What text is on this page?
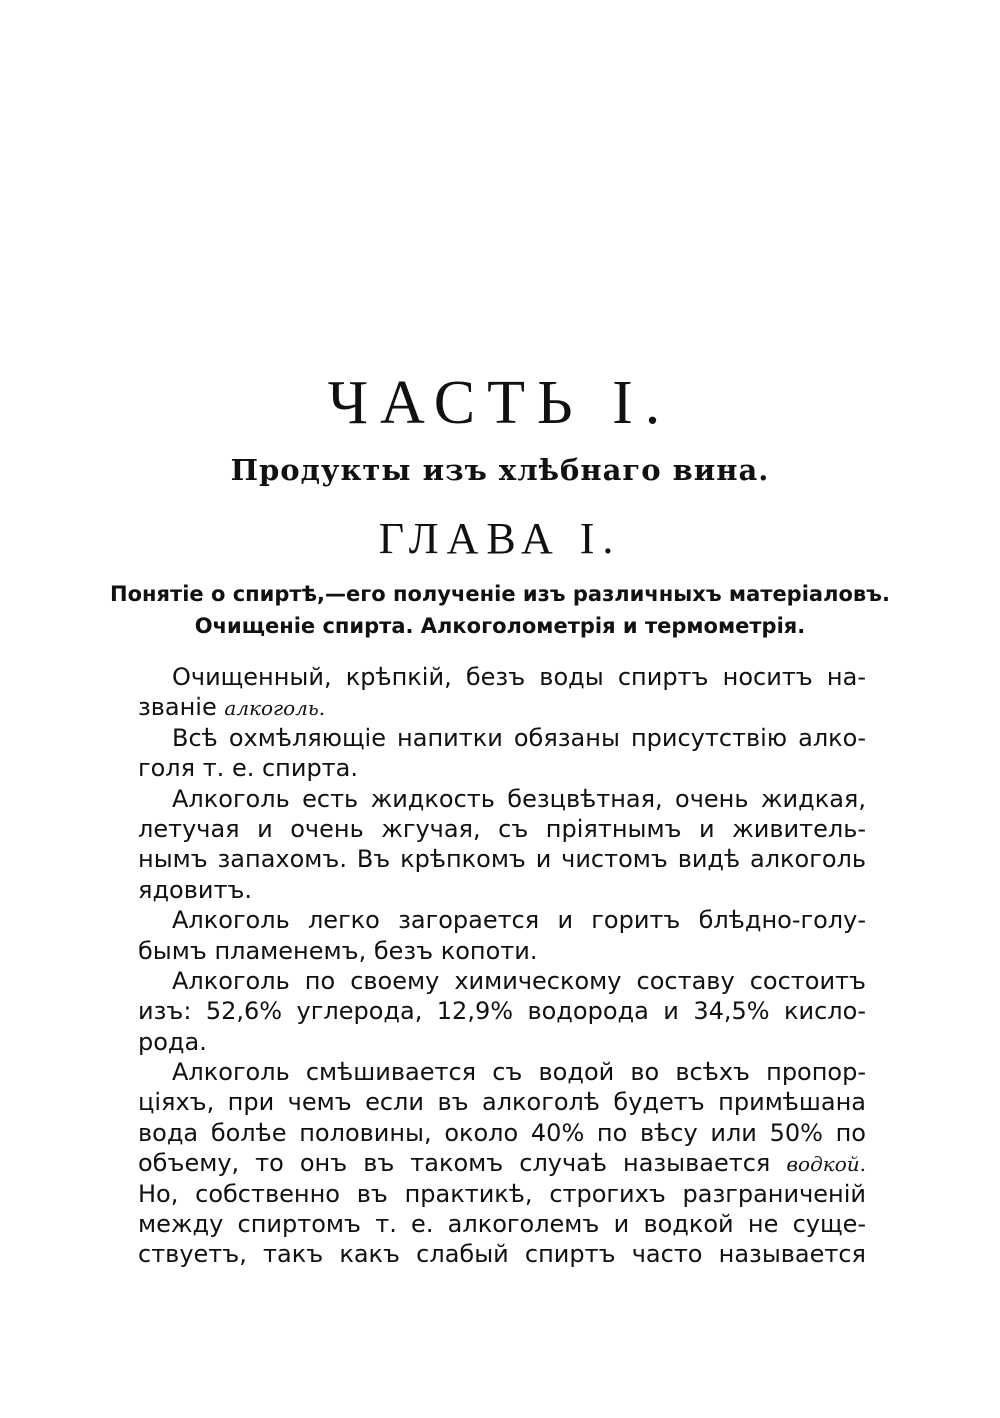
ЧАСТЬ I.
Продукты изъ хлѣбнаго вина.
ГЛАВА I.
Понятіе о спиртѣ,—его полученіе изъ различныхъ матеріаловъ.
Очищеніе спирта. Алкоголометрія и термометрія.
Очищенный, крѣпкій, безъ воды спиртъ носитъ на-
званіе алкоголь.
Всѣ охмѣляющіе напитки обязаны присутствію алко-
голя т. е. спирта.
Алкоголь есть жидкость безцвѣтная, очень жидкая,
летучая и очень жгучая, съ пріятнымъ и живитель-
нымъ запахомъ. Въ крѣпкомъ и чистомъ видѣ алкоголь
ядовитъ.
Алкоголь легко загорается и горитъ блѣдно-голу-
бымъ пламенемъ, безъ копоти.
Алкоголь по своему химическому составу состоитъ
изъ: 52,6% углерода, 12,9% водорода и 34,5% кисло-
рода.
Алкоголь смѣшивается съ водой во всѣхъ пропор-
ціяхъ, при чемъ если въ алкоголѣ будетъ примѣшана
вода болѣе половины, около 40% по вѣсу или 50% по
объему, то онъ въ такомъ случаѣ называется водкой.
Но, собственно въ практикѣ, строгихъ разграниченій
между спиртомъ т. е. алкоголемъ и водкой не суще-
ствуетъ, такъ какъ слабый спиртъ часто называется
